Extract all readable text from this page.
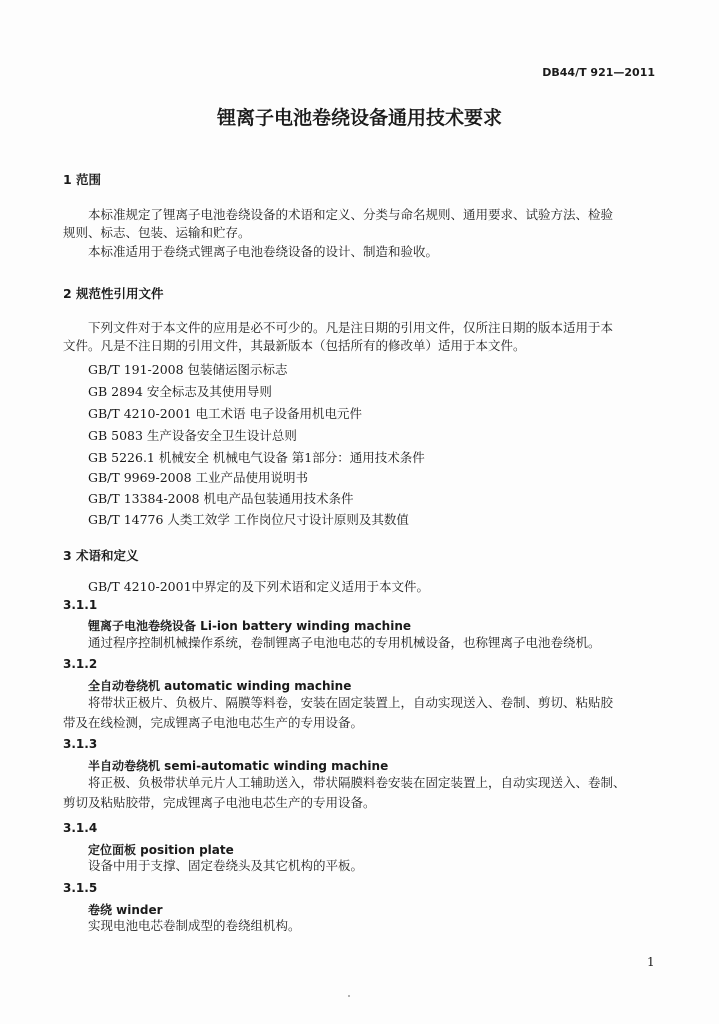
DB44/T 921—2011
锂离子电池卷绕设备通用技术要求
1 范围
本标准规定了锂离子电池卷绕设备的术语和定义、分类与命名规则、通用要求、试验方法、检验
规则、标志、包装、运输和贮存。
本标准适用于卷绕式锂离子电池卷绕设备的设计、制造和验收。
2 规范性引用文件
下列文件对于本文件的应用是必不可少的。凡是注日期的引用文件，仅所注日期的版本适用于本
文件。凡是不注日期的引用文件，其最新版本（包括所有的修改单）适用于本文件。
GB/T 191-2008 包装储运图示标志
GB 2894 安全标志及其使用导则
GB/T 4210-2001 电工术语 电子设备用机电元件
GB 5083 生产设备安全卫生设计总则
GB 5226.1 机械安全 机械电气设备 第1部分：通用技术条件
GB/T 9969-2008 工业产品使用说明书
GB/T 13384-2008 机电产品包装通用技术条件
GB/T 14776 人类工效学 工作岗位尺寸设计原则及其数值
3 术语和定义
GB/T 4210-2001中界定的及下列术语和定义适用于本文件。
3.1.1
锂离子电池卷绕设备 Li-ion battery winding machine
通过程序控制机械操作系统，卷制锂离子电池电芯的专用机械设备，也称锂离子电池卷绕机。
3.1.2
全自动卷绕机 automatic winding machine
将带状正极片、负极片、隔膜等料卷，安装在固定装置上，自动实现送入、卷制、剪切、粘贴胶
带及在线检测，完成锂离子电池电芯生产的专用设备。
3.1.3
半自动卷绕机 semi-automatic winding machine
将正极、负极带状单元片人工辅助送入，带状隔膜料卷安装在固定装置上，自动实现送入、卷制、
剪切及粘贴胶带，完成锂离子电池电芯生产的专用设备。
3.1.4
定位面板 position plate
设备中用于支撑、固定卷绕头及其它机构的平板。
3.1.5
卷绕 winder
实现电池电芯卷制成型的卷绕组机构。
1
